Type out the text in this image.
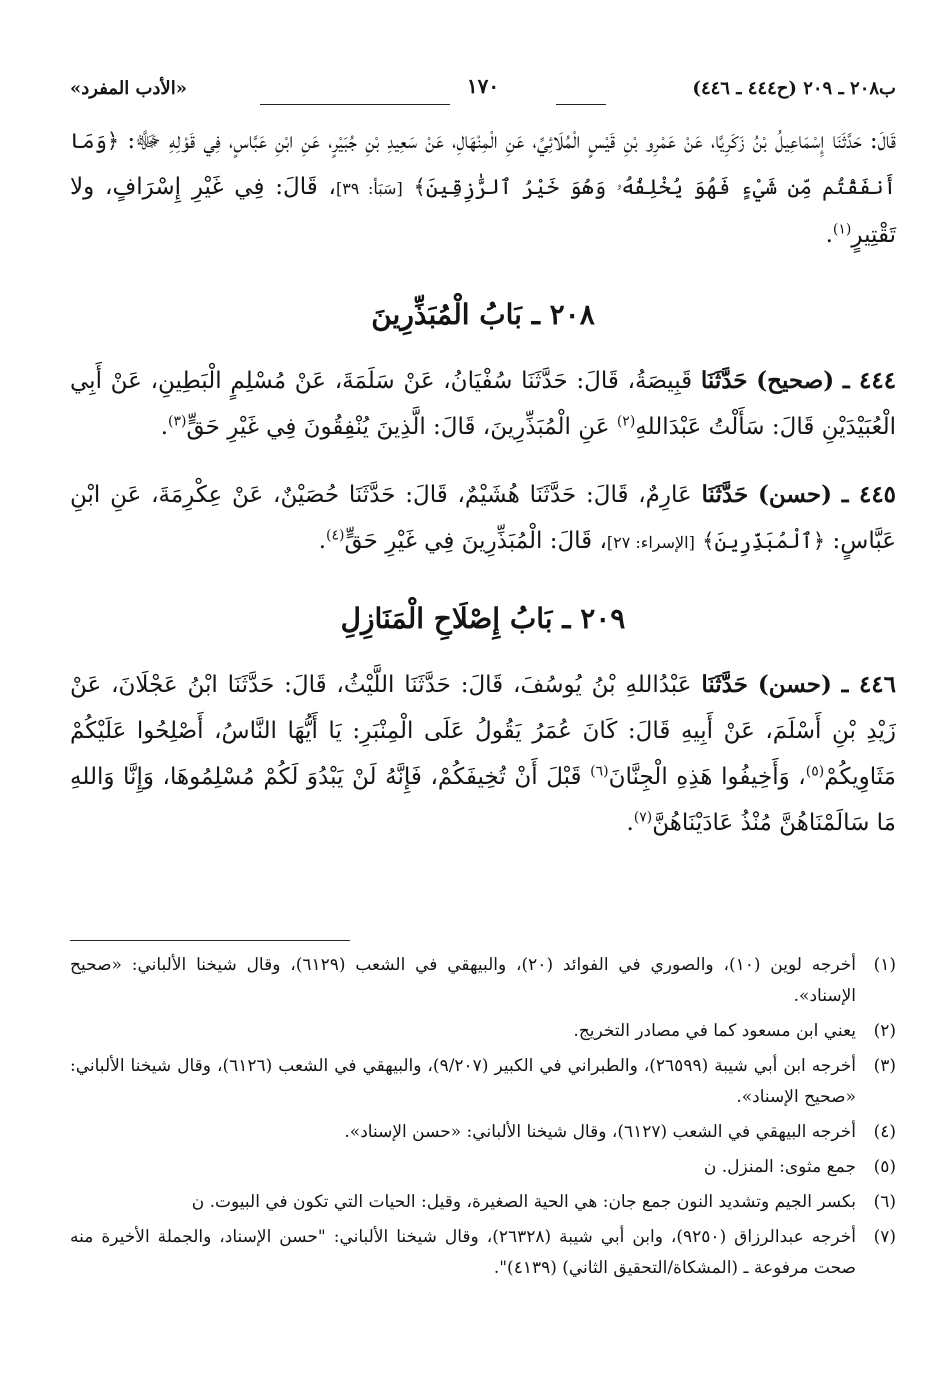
ب٢٠٨ ـ ٢٠٩ (ح٤٤٤ ـ ٤٤٦)
١٧٠
«الأدب المفرد»

قَالَ: حَدَّثَنَا إِسْمَاعِيلُ بْنُ زَكَرِيَّا، عَنْ عَمْرِو بْنِ قَيْسٍ الْمُلَائِيِّ، عَنِ الْمِنْهَالِ، عَنْ سَعِيدِ بْنِ جُبَيْرٍ، عَنِ ابْنِ عَبَّاسٍ، فِي قَوْلِهِ ﷻ: ﴿وَمَا أَنفَقْتُم مِّن شَيْءٍ فَهُوَ يُخْلِفُهُۥ وَهُوَ خَيْرُ ٱلرَّٰزِقِينَ﴾ [سَبَأ: ٣٩]، قَالَ: فِي غَيْرِ إِسْرَافٍ، ولا تَقْتِيرٍ$^{(١)}$.

٢٠٨ ـ بَابُ الْمُبَذِّرِينَ

٤٤٤ ـ (صحيح) حَدَّثَنَا قَبِيصَةُ، قَالَ: حَدَّثَنَا سُفْيَانُ، عَنْ سَلَمَةَ، عَنْ مُسْلِمٍ الْبَطِينِ، عَنْ أَبِي الْعُبَيْدَيْنِ قَالَ: سَأَلْتُ عَبْدَاللهِ$^{(٢)}$ عَنِ الْمُبَذِّرِينَ، قَالَ: الَّذِينَ يُنْفِقُونَ فِي غَيْرِ حَقٍّ$^{(٣)}$.

٤٤٥ ـ (حسن) حَدَّثَنَا عَارِمٌ، قَالَ: حَدَّثَنَا هُشَيْمٌ، قَالَ: حَدَّثَنَا حُصَيْنٌ، عَنْ عِكْرِمَةَ، عَنِ ابْنِ عَبَّاسٍ: ﴿ٱلْمُبَذِّرِينَ﴾ [الإسراء: ٢٧]، قَالَ: الْمُبَذِّرِينَ فِي غَيْرِ حَقٍّ$^{(٤)}$.

٢٠٩ ـ بَابُ إِصْلَاحِ الْمَنَازِلِ

٤٤٦ ـ (حسن) حَدَّثَنَا عَبْدُاللهِ بْنُ يُوسُفَ، قَالَ: حَدَّثَنَا اللَّيْثُ، قَالَ: حَدَّثَنَا ابْنُ عَجْلَانَ، عَنْ زَيْدِ بْنِ أَسْلَمَ، عَنْ أَبِيهِ قَالَ: كَانَ عُمَرُ يَقُولُ عَلَى الْمِنْبَرِ: يَا أَيُّهَا النَّاسُ، أَصْلِحُوا عَلَيْكُمْ مَثَاوِيكُمْ$^{(٥)}$، وَأَخِيفُوا هَذِهِ الْجِنَّانَ$^{(٦)}$ قَبْلَ أَنْ تُخِيفَكُمْ، فَإِنَّهُ لَنْ يَبْدُوَ لَكُمْ مُسْلِمُوهَا، وَإِنَّا وَاللهِ مَا سَالَمْنَاهُنَّ مُنْذُ عَادَيْنَاهُنَّ$^{(٧)}$.

(١)
أخرجه لوين (١٠)، والصوري في الفوائد (٢٠)، والبيهقي في الشعب (٦١٢٩)، وقال شيخنا الألباني: «صحيح الإسناد».
(٢)
يعني ابن مسعود كما في مصادر التخريج.
(٣)
أخرجه ابن أبي شيبة (٢٦٥٩٩)، والطبراني في الكبير (٩/٢٠٧)، والبيهقي في الشعب (٦١٢٦)، وقال شيخنا الألباني: «صحيح الإسناد».
(٤)
أخرجه البيهقي في الشعب (٦١٢٧)، وقال شيخنا الألباني: «حسن الإسناد».
(٥)
جمع مثوى: المنزل. ن
(٦)
بكسر الجيم وتشديد النون جمع جان: هي الحية الصغيرة، وقيل: الحيات التي تكون في البيوت. ن
(٧)
أخرجه عبدالرزاق (٩٢٥٠)، وابن أبي شيبة (٢٦٣٢٨)، وقال شيخنا الألباني: "حسن الإسناد، والجملة الأخيرة منه صحت مرفوعة ـ (المشكاة/التحقيق الثاني) (٤١٣٩)".
